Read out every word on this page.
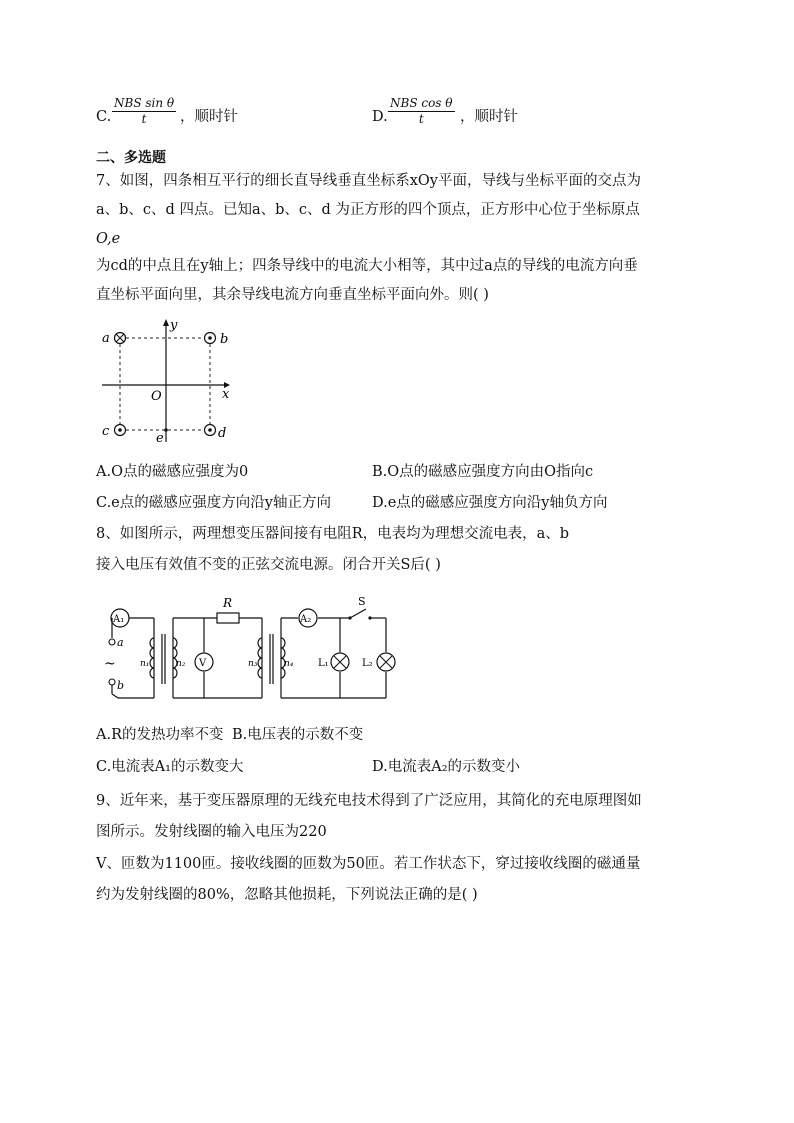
C.
NBS sin θ
t	，顺时针	D.
NBS cos θ
t	，顺时针
二、多选题
7、如图，四条相互平行的细长直导线垂直坐标系xOy平面，导线与坐标平面的交点为
a、b、c、d 四点。已知a、b、c、d 为正方形的四个顶点，正方形中心位于坐标原点
O,e
为cd的中点且在y轴上；四条导线中的电流大小相等，其中过a点的导线的电流方向垂
直坐标平面向里，其余导线电流方向垂直坐标平面向外。则( )
a	b
c	d
O
e
x
y
A.O点的磁感应强度为0	B.O点的磁感应强度方向由O指向c
C.e点的磁感应强度方向沿y轴正方向	D.e点的磁感应强度方向沿y轴负方向
8、如图所示，两理想变压器间接有电阻R，电表均为理想交流电表，a、b
接入电压有效值不变的正弦交流电源。闭合开关S后( )
A₁
V
R
A₂
S
L₁	L₂
a
b
~	n₁	n₂	n₃	n₄
A.R的发热功率不变 B.电压表的示数不变
C.电流表A₁的示数变大	D.电流表A₂的示数变小
9、近年来，基于变压器原理的无线充电技术得到了广泛应用，其简化的充电原理图如
图所示。发射线圈的输入电压为220
V、匝数为1100匝。接收线圈的匝数为50匝。若工作状态下，穿过接收线圈的磁通量
约为发射线圈的80%，忽略其他损耗，下列说法正确的是( )
